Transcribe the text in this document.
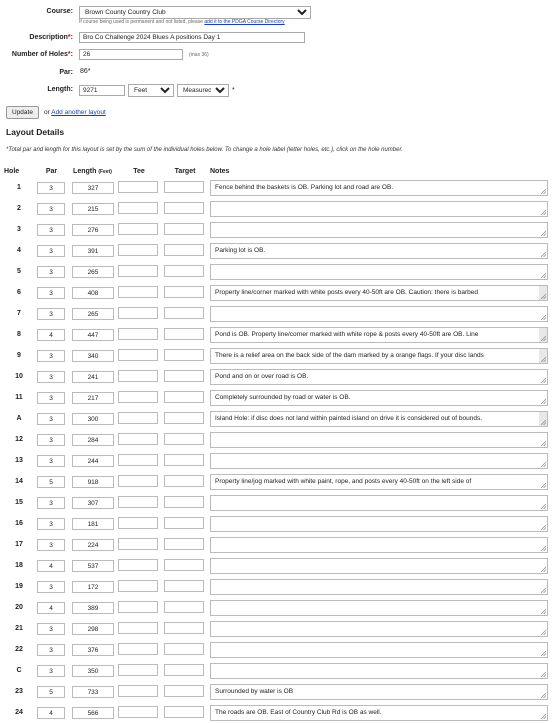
Course:
Brown County Country Club
If course being used is permanent and not listed, please add it to the PDGA Course Directory
Description*:
Bro Co Challenge 2024 Blues A positions Day 1
Number of Holes*:
26	(max 36)
Par: 86*
Length:
9271
Feet
Measured	*
Update	or Add another layout
Layout Details
*Total par and length for this layout is set by the sum of the individual holes below. To change a hole label (letter holes, etc.), click on the hole number.
Hole	Par	Length (Feet)	Tee	Target	Notes
1	3	327			Fence behind the baskets is OB. Parking lot and road are OB.

2	3	215			

3	3	276			

4	3	391			Parking lot is OB.

5	3	265			

6	3	408			Property line/corner marked with white posts every 40-50ft are OB. Caution: there is barbed

7	3	265			

8	4	447			Pond is OB. Property line/corner marked with white rope & posts every 40-50ft are OB. Line

9	3	340			There is a relief area on the back side of the dam marked by a orange flags. If your disc lands

10	3	241			Pond and on or over road is OB.

11	3	217			Completely surrounded by road or water is OB.

A	3	300			Island Hole: if disc does not land within painted island on drive it is considered out of bounds.

12	3	284			

13	3	244			

14	5	918			Property line/jog marked with white paint, rope, and posts every 40-50ft on the left side of

15	3	307			

16	3	181			

17	3	224			

18	4	537			

19	3	172			

20	4	389			

21	3	298			

22	3	376			

C	3	350			

23	5	733			Surrounded by water is OB

24	4	566			The roads are OB. East of Country Club Rd is OB as well.
